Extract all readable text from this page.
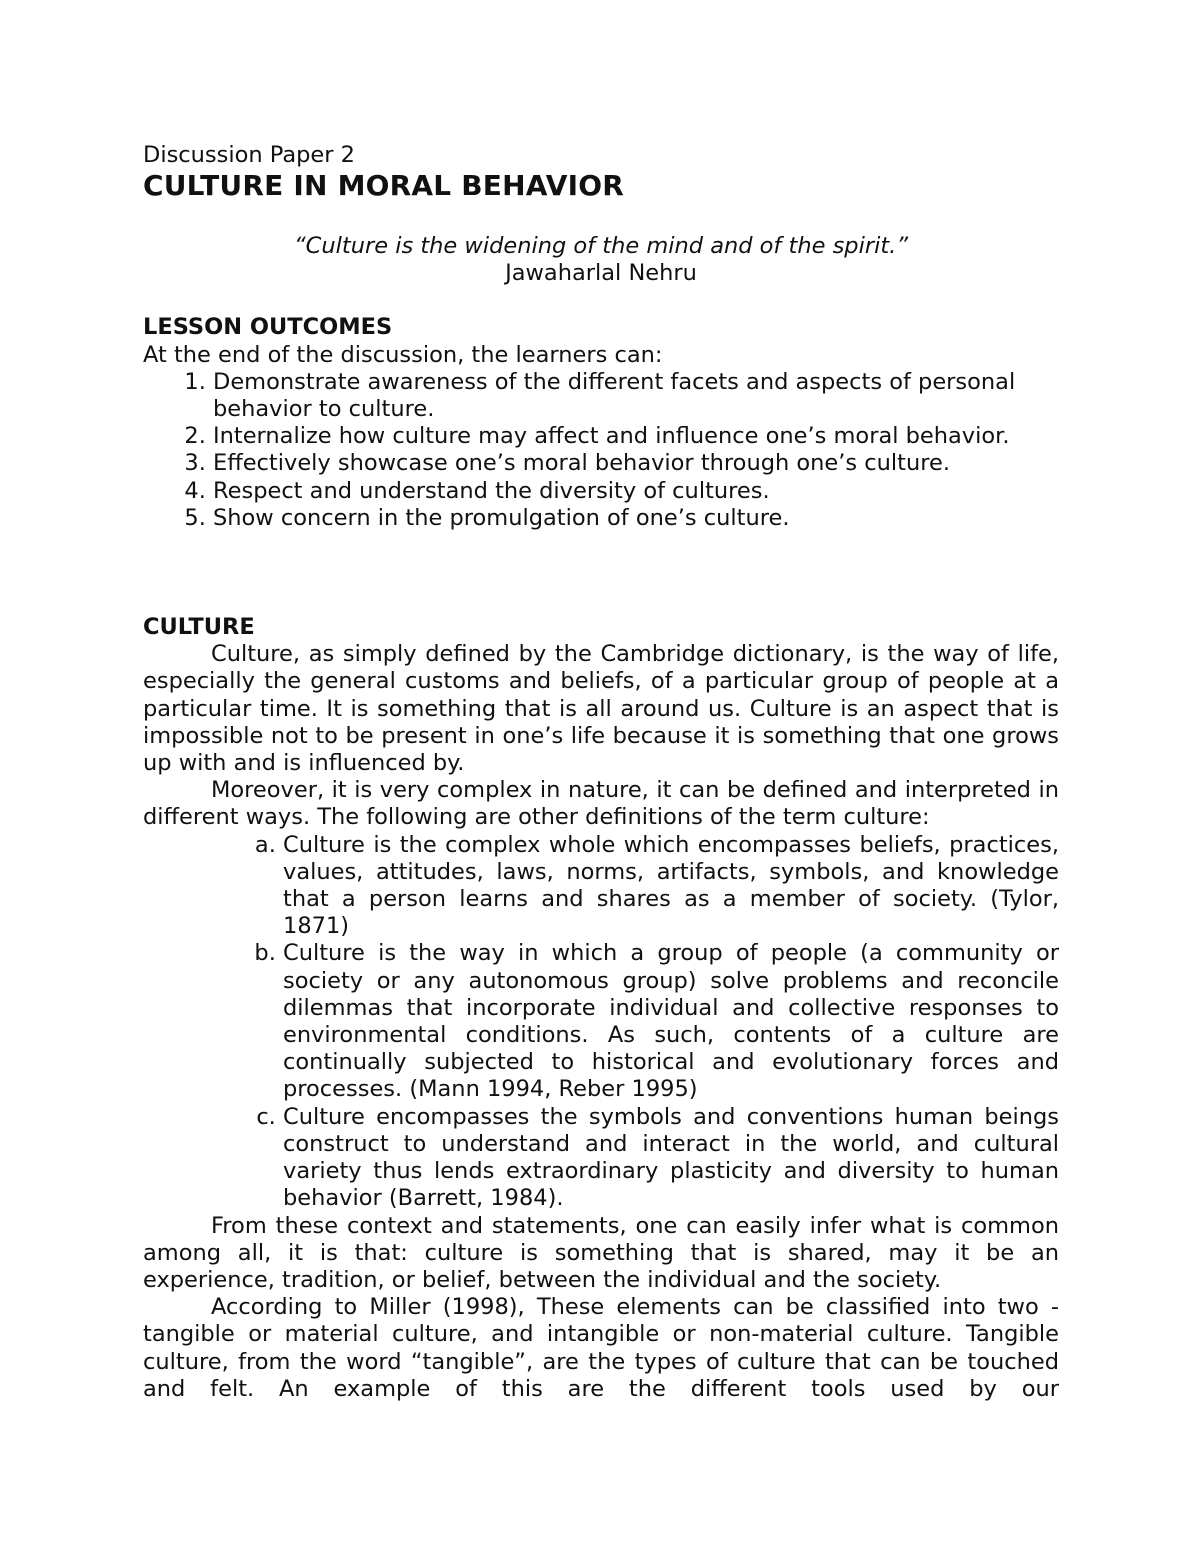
Discussion Paper 2
CULTURE IN MORAL BEHAVIOR
“Culture is the widening of the mind and of the spirit.”
Jawaharlal Nehru
LESSON OUTCOMES
At the end of the discussion, the learners can:
1. Demonstrate awareness of the different facets and aspects of personal behavior to culture.
2. Internalize how culture may affect and influence one’s moral behavior.
3. Effectively showcase one’s moral behavior through one’s culture.
4. Respect and understand the diversity of cultures.
5. Show concern in the promulgation of one’s culture.
CULTURE

Culture, as simply defined by the Cambridge dictionary, is the way of life, especially the general customs and beliefs, of a particular group of people at a particular time. It is something that is all around us. Culture is an aspect that is impossible not to be present in one’s life because it is something that one grows up with and is influenced by.

Moreover, it is very complex in nature, it can be defined and interpreted in different ways. The following are other definitions of the term culture:

a. Culture is the complex whole which encompasses beliefs, practices, values, attitudes, laws, norms, artifacts, symbols, and knowledge that a person learns and shares as a member of society. (Tylor, 1871)
b. Culture is the way in which a group of people (a community or society or any autonomous group) solve problems and reconcile dilemmas that incorporate individual and collective responses to environmental conditions. As such, contents of a culture are continually subjected to historical and evolutionary forces and processes. (Mann 1994, Reber 1995)
c. Culture encompasses the symbols and conventions human beings construct to understand and interact in the world, and cultural variety thus lends extraordinary plasticity and diversity to human behavior (Barrett, 1984).

From these context and statements, one can easily infer what is common among all, it is that: culture is something that is shared, may it be an experience, tradition, or belief, between the individual and the society.

According to Miller (1998), These elements can be classified into two - tangible or material culture, and intangible or non-material culture. Tangible culture, from the word “tangible”, are the types of culture that can be touched and felt. An example of this are the different tools used by our
